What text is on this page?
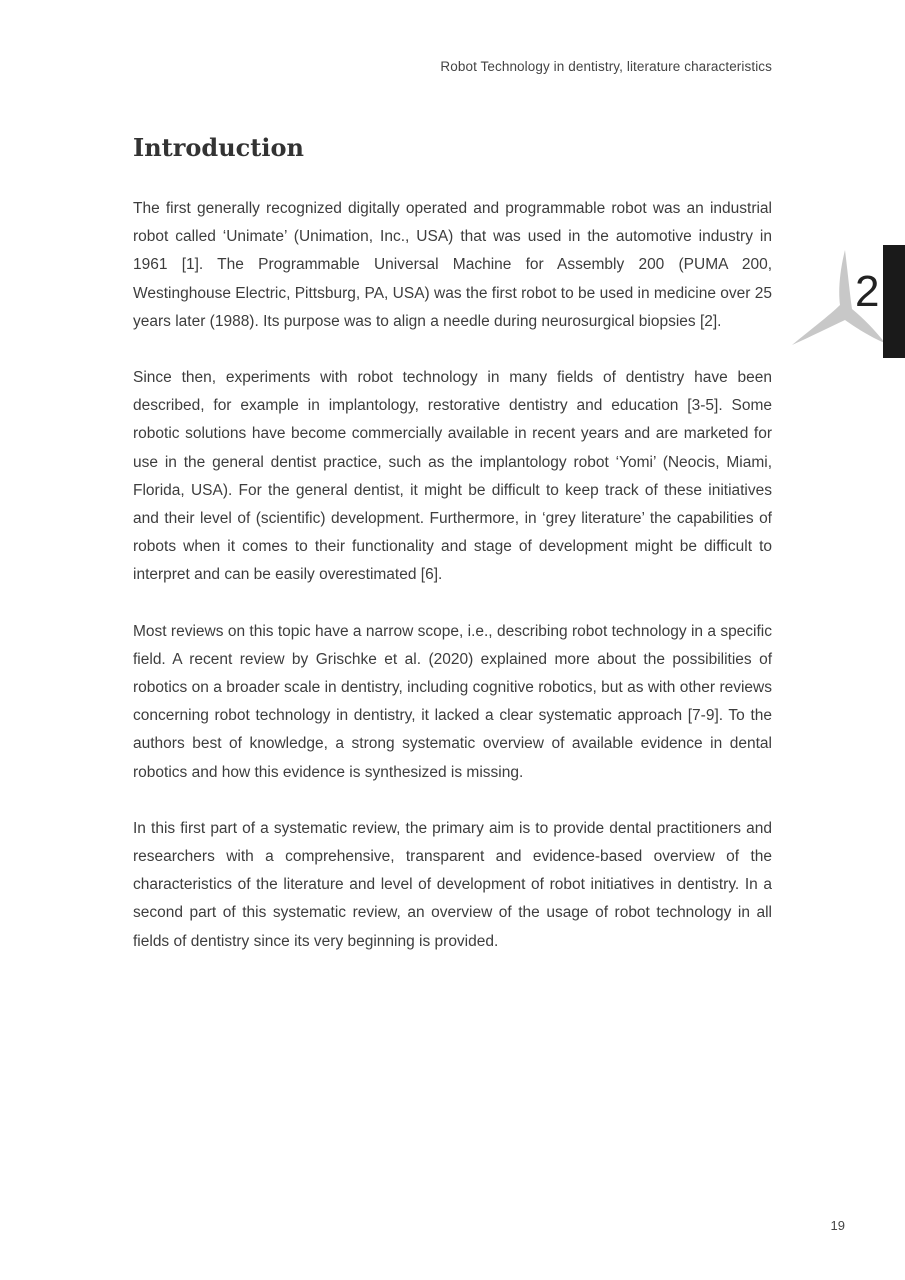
Robot Technology in dentistry, literature characteristics
Introduction

The first generally recognized digitally operated and programmable robot was an industrial robot called ‘Unimate’ (Unimation, Inc., USA) that was used in the automotive industry in 1961 [1]. The Programmable Universal Machine for Assembly 200 (PUMA 200, Westinghouse Electric, Pittsburg, PA, USA) was the first robot to be used in medicine over 25 years later (1988). Its purpose was to align a needle during neurosurgical biopsies [2].

Since then, experiments with robot technology in many fields of dentistry have been described, for example in implantology, restorative dentistry and education [3-5]. Some robotic solutions have become commercially available in recent years and are marketed for use in the general dentist practice, such as the implantology robot ‘Yomi’ (Neocis, Miami, Florida, USA). For the general dentist, it might be difficult to keep track of these initiatives and their level of (scientific) development. Furthermore, in ‘grey literature’ the capabilities of robots when it comes to their functionality and stage of development might be difficult to interpret and can be easily overestimated [6].

Most reviews on this topic have a narrow scope, i.e., describing robot technology in a specific field. A recent review by Grischke et al. (2020) explained more about the possibilities of robotics on a broader scale in dentistry, including cognitive robotics, but as with other reviews concerning robot technology in dentistry, it lacked a clear systematic approach [7-9]. To the authors best of knowledge, a strong systematic overview of available evidence in dental robotics and how this evidence is synthesized is missing.

In this first part of a systematic review, the primary aim is to provide dental practitioners and researchers with a comprehensive, transparent and evidence-based overview of the characteristics of the literature and level of development of robot initiatives in dentistry. In a second part of this systematic review, an overview of the usage of robot technology in all fields of dentistry since its very beginning is provided.

2
19
